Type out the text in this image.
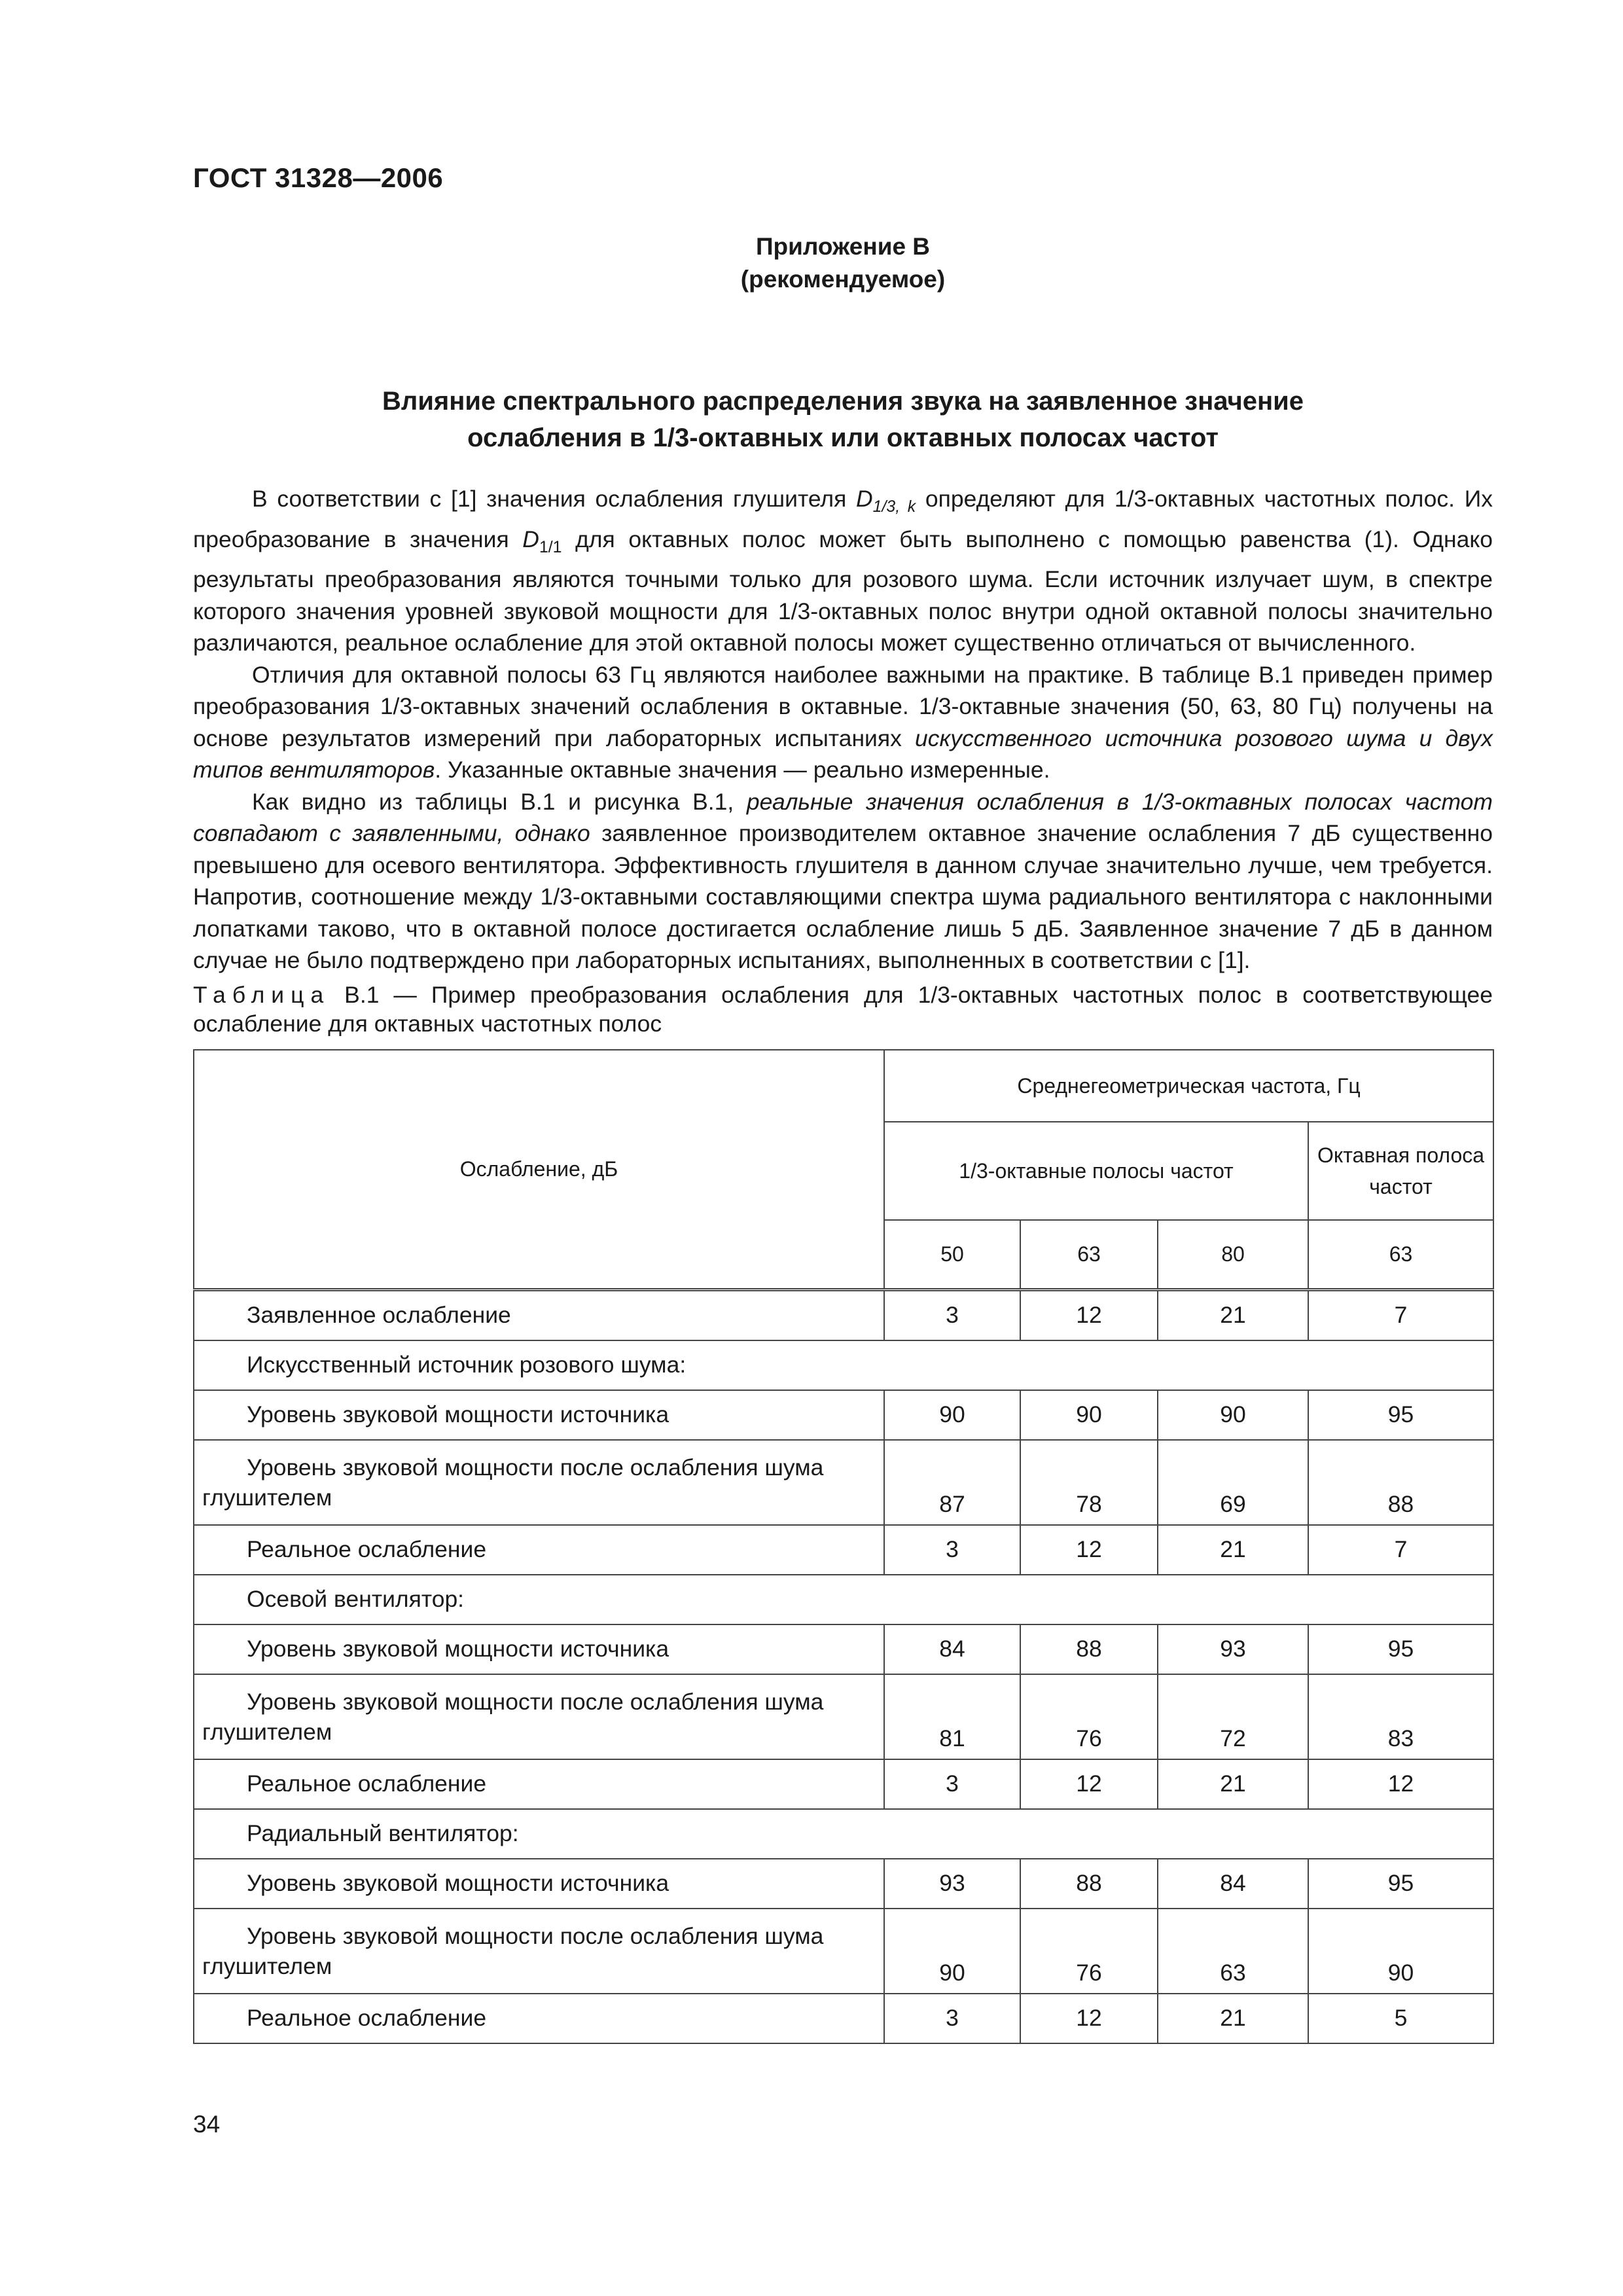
ГОСТ 31328—2006
Приложение В
(рекомендуемое)
Влияние спектрального распределения звука на заявленное значение
ослабления в 1/3-октавных или октавных полосах частот

В соответствии с [1] значения ослабления глушителя $D_{1/3, k}$ определяют для 1/3-октавных частотных полос. Их преобразование в значения $D_{1/1}$ для октавных полос может быть выполнено с помощью равенства (1). Однако результаты преобразования являются точными только для розового шума. Если источник излучает шум, в спектре которого значения уровней звуковой мощности для 1/3-октавных полос внутри одной октавной полосы значительно различаются, реальное ослабление для этой октавной полосы может существенно отличаться от вычисленного.

Отличия для октавной полосы 63 Гц являются наиболее важными на практике. В таблице В.1 приведен пример преобразования 1/3-октавных значений ослабления в октавные. 1/3-октавные значения (50, 63, 80 Гц) получены на основе результатов измерений при лабораторных испытаниях искусственного источника розового шума и двух типов вентиляторов. Указанные октавные значения — реально измеренные.

Как видно из таблицы В.1 и рисунка В.1, реальные значения ослабления в 1/3-октавных полосах частот совпадают с заявленными, однако заявленное производителем октавное значение ослабления 7 дБ существенно превышено для осевого вентилятора. Эффективность глушителя в данном случае значительно лучше, чем требуется. Напротив, соотношение между 1/3-октавными составляющими спектра шума радиального вентилятора с наклонными лопатками таково, что в октавной полосе достигается ослабление лишь 5 дБ. Заявленное значение 7 дБ в данном случае не было подтверждено при лабораторных испытаниях, выполненных в соответствии с [1].

Таблица В.1 — Пример преобразования ослабления для 1/3-октавных частотных полос в соответствующее ослабление для октавных частотных полос
Ослабление, дБ	Среднегеометрическая частота, Гц			
	1/3-октавные полосы частот			Октавная полоса частот
	50	63	80	63
Заявленное ослабление	3	12	21	7
Искусственный источник розового шума:				
Уровень звуковой мощности источника	90	90	90	95
Уровень звуковой мощности после ослабления шума
глушителем	87	78	69	88
Реальное ослабление	3	12	21	7
Осевой вентилятор:				
Уровень звуковой мощности источника	84	88	93	95
Уровень звуковой мощности после ослабления шума
глушителем	81	76	72	83
Реальное ослабление	3	12	21	12
Радиальный вентилятор:				
Уровень звуковой мощности источника	93	88	84	95
Уровень звуковой мощности после ослабления шума
глушителем	90	76	63	90
Реальное ослабление	3	12	21	5
34
